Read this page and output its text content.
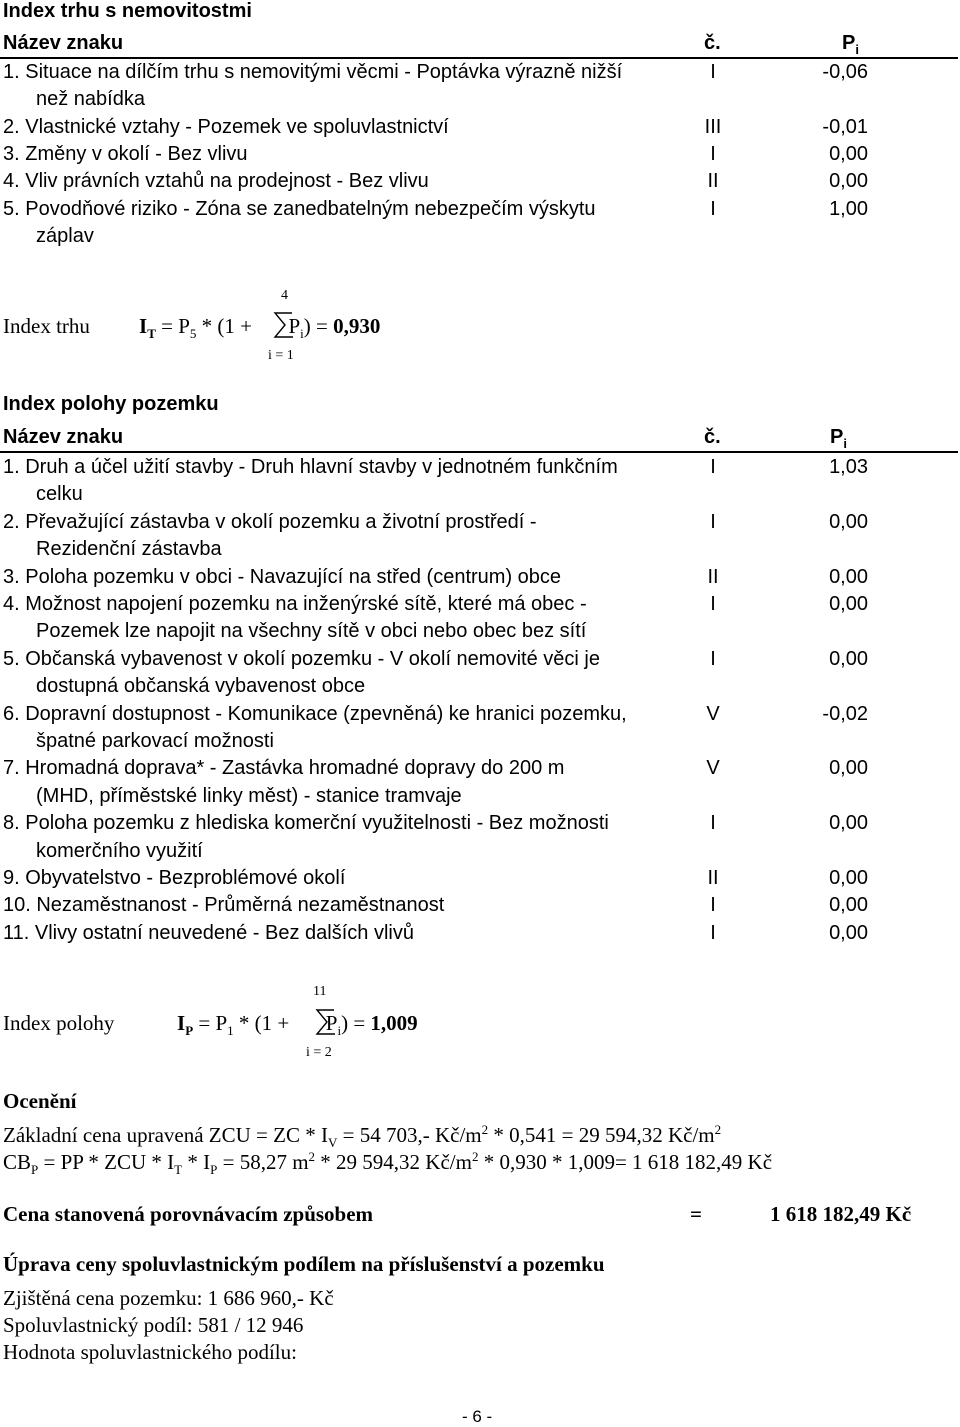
Index trhu s nemovitostmi
Název znaku	č.	$P_i$
1. Situace na dílčím trhu s nemovitými věcmi - Poptávka výrazně nižší	I	-0,06
než nabídka
2. Vlastnické vztahy - Pozemek ve spoluvlastnictví	III	-0,01
3. Změny v okolí - Bez vlivu	I	0,00
4. Vliv právních vztahů na prodejnost - Bez vlivu	II	0,00
5. Povodňové riziko - Zóna se zanedbatelným nebezpečím výskytu	I	1,00
záplav
Index trhu $I_T = P_5 * (1 + P_i) = 0,930$
4
i = 1
Index polohy pozemku
Název znaku	č.	$P_i$
1. Druh a účel užití stavby - Druh hlavní stavby v jednotném funkčním	I	1,03
celku
2. Převažující zástavba v okolí pozemku a životní prostředí -	I	0,00
Rezidenční zástavba
3. Poloha pozemku v obci - Navazující na střed (centrum) obce	II	0,00
4. Možnost napojení pozemku na inženýrské sítě, které má obec -	I	0,00
Pozemek lze napojit na všechny sítě v obci nebo obec bez sítí
5. Občanská vybavenost v okolí pozemku - V okolí nemovité věci je	I	0,00
dostupná občanská vybavenost obce
6. Dopravní dostupnost - Komunikace (zpevněná) ke hranici pozemku,	V	-0,02
špatné parkovací možnosti
7. Hromadná doprava* - Zastávka hromadné dopravy do 200 m	V	0,00
(MHD, příměstské linky měst) - stanice tramvaje
8. Poloha pozemku z hlediska komerční využitelnosti - Bez možnosti	I	0,00
komerčního využití
9. Obyvatelstvo - Bezproblémové okolí	II	0,00
10. Nezaměstnanost - Průměrná nezaměstnanost	I	0,00
11. Vlivy ostatní neuvedené - Bez dalších vlivů	I	0,00
Index polohy	$I_P = P_1 * (1 + P_i) = 1,009$
11
i = 2
Ocenění
Základní cena upravená ZCU = ZC * $I_V = 54$ 703,- $Kč/m^2 * 0,541 = 29$ 594,32 $Kč/m^2$
$CB_P$ = PP * ZCU * $I_T * I_P = 58,27$ $m^2 * 29$ 594,32 $Kč/m^2 * 0,930 * 1,009= 1$ 618 182,49 Kč
Cena stanovená porovnávacím způsobem	=	1 618 182,49 Kč
Úprava ceny spoluvlastnickým podílem na příslušenství a pozemku
Zjištěná cena pozemku: 1 686 960,- Kč
Spoluvlastnický podíl: 581 / 12 946
Hodnota spoluvlastnického podílu:
- 6 -
